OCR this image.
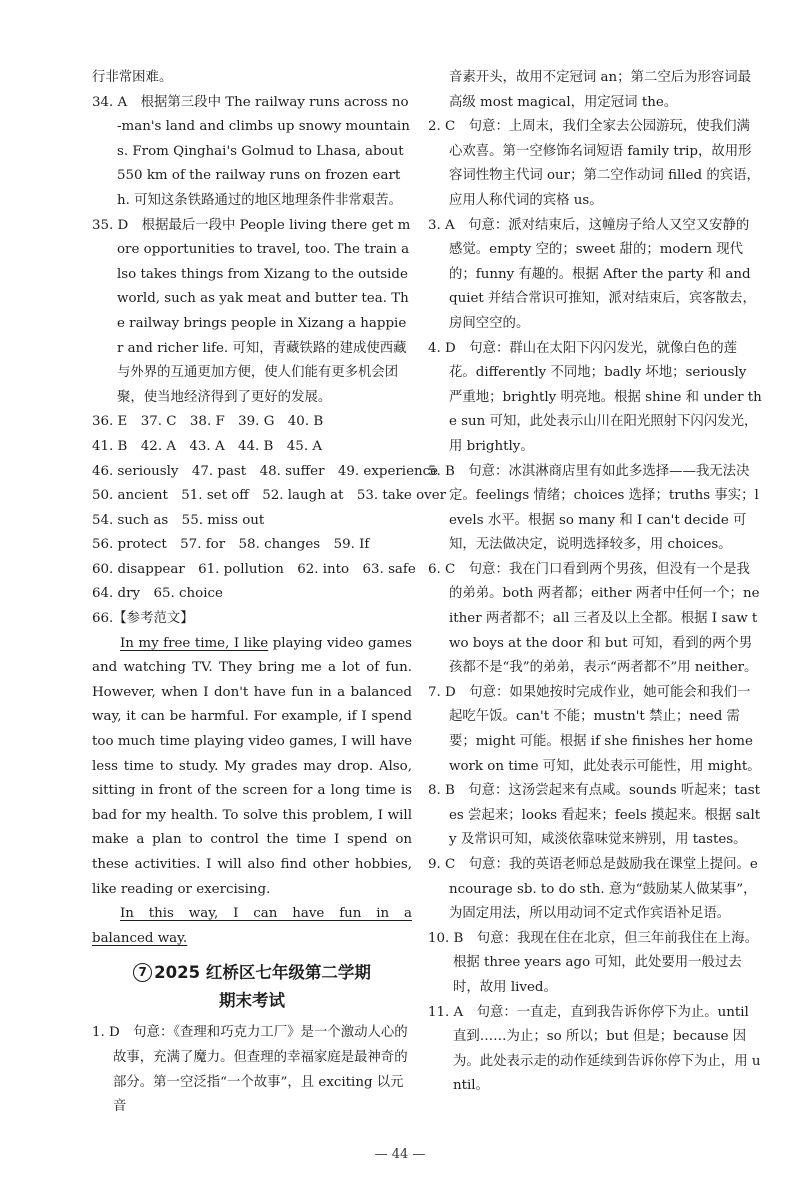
行非常困难。

34. A　根据第三段中 The railway runs across no-man's land and climbs up snowy mountains. From Qinghai's Golmud to Lhasa, about 550 km of the railway runs on frozen earth. 可知这条铁路通过的地区地理条件非常艰苦。

35. D　根据最后一段中 People living there get more opportunities to travel, too. The train also takes things from Xizang to the outside world, such as yak meat and butter tea. The railway brings people in Xizang a happier and richer life. 可知，青藏铁路的建成使西藏与外界的互通更加方便，使人们能有更多机会团聚，使当地经济得到了更好的发展。

36. E　37. C　38. F　39. G　40. B

41. B　42. A　43. A　44. B　45. A

46. seriously　47. past　48. suffer　49. experience

50. ancient　51. set off　52. laugh at　53. take over

54. such as　55. miss out

56. protect　57. for　58. changes　59. If

60. disappear　61. pollution　62. into　63. safe

64. dry　65. choice

66.【参考范文】

In my free time, I like playing video games and watching TV. They bring me a lot of fun. However, when I don't have fun in a balanced way, it can be harmful. For example, if I spend too much time playing video games, I will have less time to study. My grades may drop. Also, sitting in front of the screen for a long time is bad for my health. To solve this problem, I will make a plan to control the time I spend on these activities. I will also find other hobbies, like reading or exercising.

In this way, I can have fun in a

balanced way.

7 2025 红桥区七年级第二学期
期末考试

1. D　句意：《查理和巧克力工厂》是一个激动人心的故事，充满了魔力。但查理的幸福家庭是最神奇的部分。第一空泛指“一个故事”，且 exciting 以元音

音素开头，故用不定冠词 an；第二空后为形容词最高级 most magical，用定冠词 the。

2. C　句意：上周末，我们全家去公园游玩，使我们满心欢喜。第一空修饰名词短语 family trip，故用形容词性物主代词 our；第二空作动词 filled 的宾语，应用人称代词的宾格 us。

3. A　句意：派对结束后，这幢房子给人又空又安静的感觉。empty 空的；sweet 甜的；modern 现代的；funny 有趣的。根据 After the party 和 and quiet 并结合常识可推知，派对结束后，宾客散去，房间空空的。

4. D　句意：群山在太阳下闪闪发光，就像白色的莲花。differently 不同地；badly 坏地；seriously 严重地；brightly 明亮地。根据 shine 和 under the sun 可知，此处表示山川在阳光照射下闪闪发光，用 brightly。

5. B　句意：冰淇淋商店里有如此多选择——我无法决定。feelings 情绪；choices 选择；truths 事实；levels 水平。根据 so many 和 I can't decide 可知，无法做决定，说明选择较多，用 choices。

6. C　句意：我在门口看到两个男孩，但没有一个是我的弟弟。both 两者都；either 两者中任何一个；neither 两者都不；all 三者及以上全都。根据 I saw two boys at the door 和 but 可知，看到的两个男孩都不是“我”的弟弟，表示“两者都不”用 neither。

7. D　句意：如果她按时完成作业，她可能会和我们一起吃午饭。can't 不能；mustn't 禁止；need 需要；might 可能。根据 if she finishes her homework on time 可知，此处表示可能性，用 might。

8. B　句意：这汤尝起来有点咸。sounds 听起来；tastes 尝起来；looks 看起来；feels 摸起来。根据 salty 及常识可知，咸淡依靠味觉来辨别，用 tastes。

9. C　句意：我的英语老师总是鼓励我在课堂上提问。encourage sb. to do sth. 意为“鼓励某人做某事”，为固定用法，所以用动词不定式作宾语补足语。

10. B　句意：我现在住在北京，但三年前我住在上海。根据 three years ago 可知，此处要用一般过去时，故用 lived。

11. A　句意：一直走，直到我告诉你停下为止。until 直到……为止；so 所以；but 但是；because 因为。此处表示走的动作延续到告诉你停下为止，用 until。

— 44 —
